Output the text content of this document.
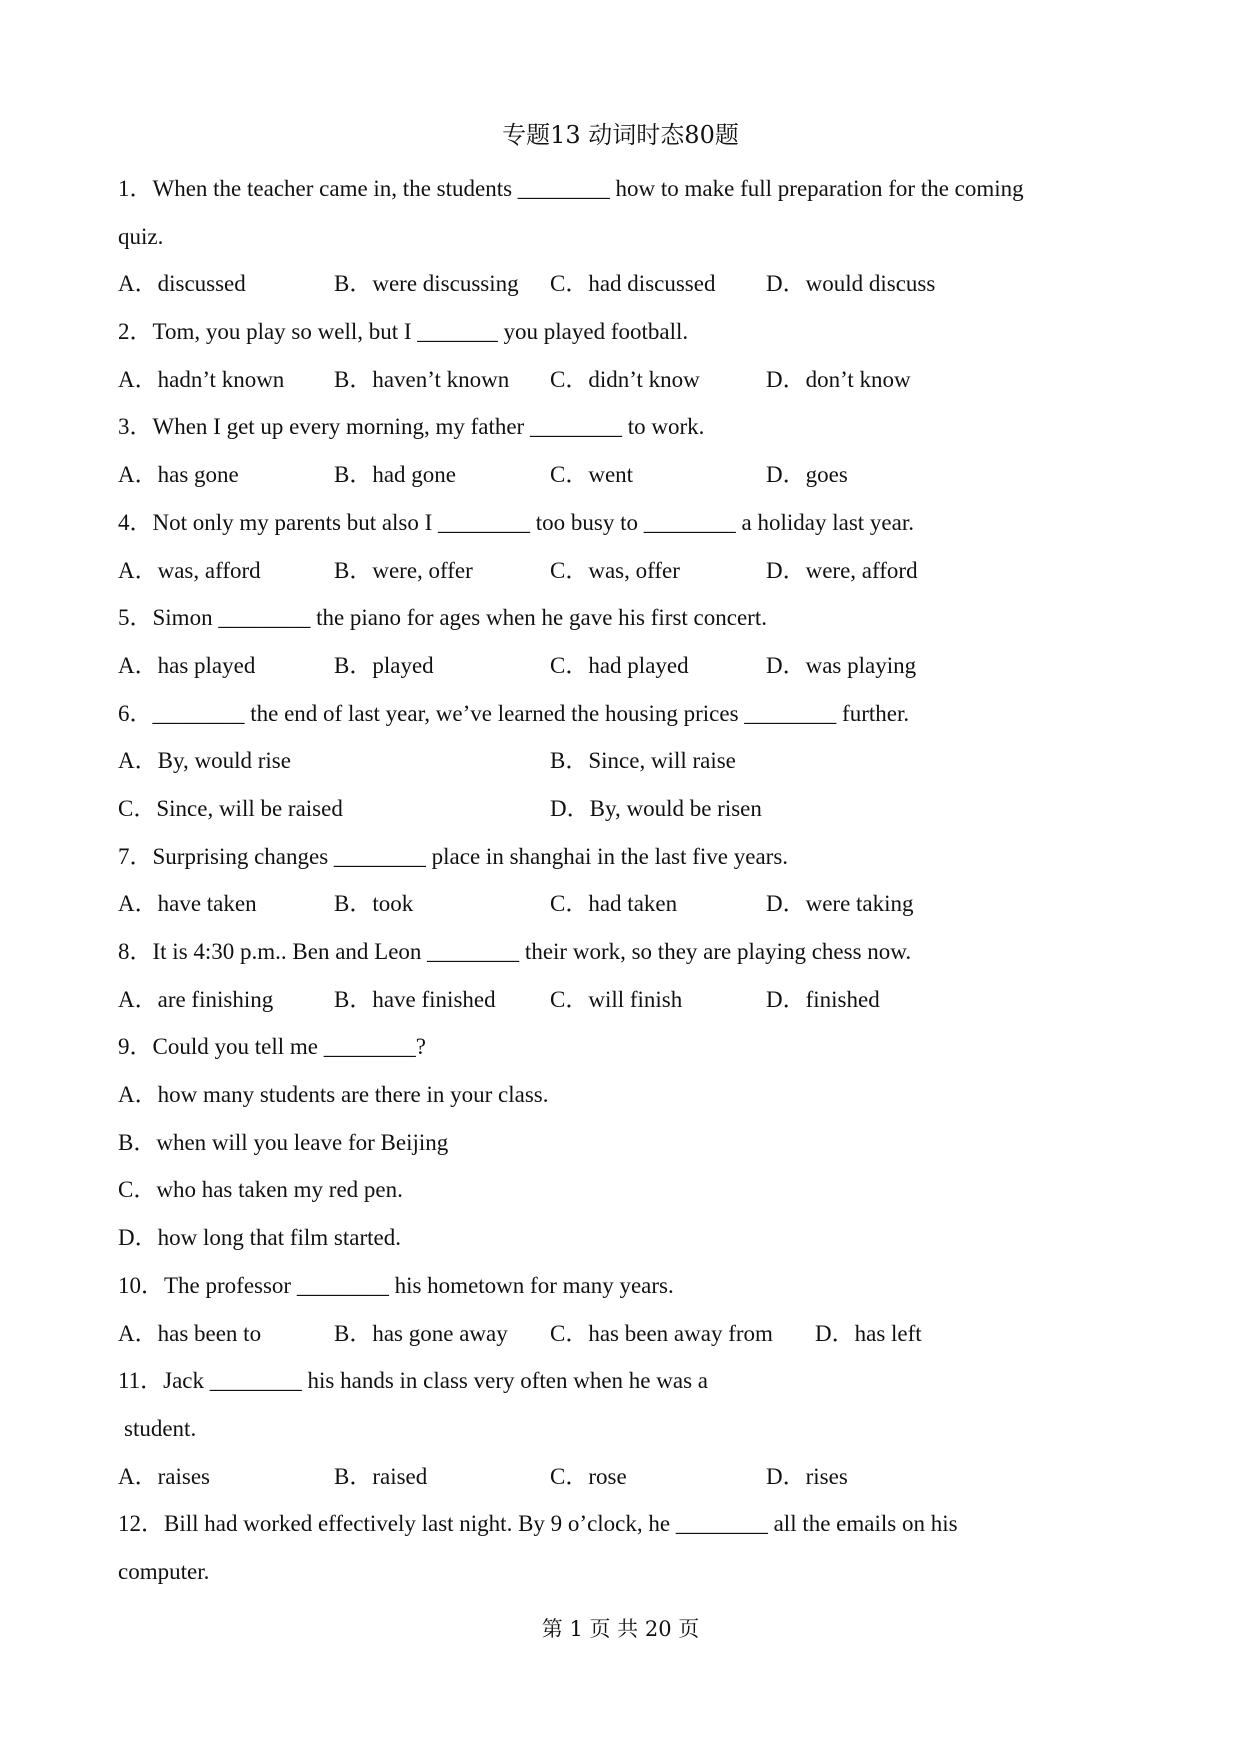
专题13 动词时态80题
1．When the teacher came in, the students ________ how to make full preparation for the coming
quiz.
A．discussed	B．were discussing C．had discussed D．would discuss
2．Tom, you play so well, but I _______ you played football.
A．hadn’t known B．haven’t known C．didn’t know	D．don’t know
3．When I get up every morning, my father ________ to work.
A．has gone	B．had gone	C．went	D．goes
4．Not only my parents but also I ________ too busy to ________ a holiday last year.
A．was, afford	B．were, offer	C．was, offer	D．were, afford
5．Simon ________ the piano for ages when he gave his first concert.
A．has played	B．played	C．had played	D．was playing
6．________ the end of last year, we’ve learned the housing prices ________ further.
A．By, would rise	B．Since, will raise
C．Since, will be raised	D．By, would be risen
7．Surprising changes ________ place in shanghai in the last five years.
A．have taken	B．took	C．had taken	D．were taking
8．It is 4:30 p.m.. Ben and Leon ________ their work, so they are playing chess now.
A．are finishing	B．have finished C．will finish	D．finished
9．Could you tell me ________?
A．how many students are there in your class.
B．when will you leave for Beijing
C．who has taken my red pen.
D．how long that film started.
10．The professor ________ his hometown for many years.
A．has been to	B．has gone away C．has been away from D．has left
11．Jack ________ his hands in class very often when he was a
student.
A．raises	B．raised	C．rose	D．rises
12．Bill had worked effectively last night. By 9 o’clock, he ________ all the emails on his
computer.
第 1 页 共 20 页
